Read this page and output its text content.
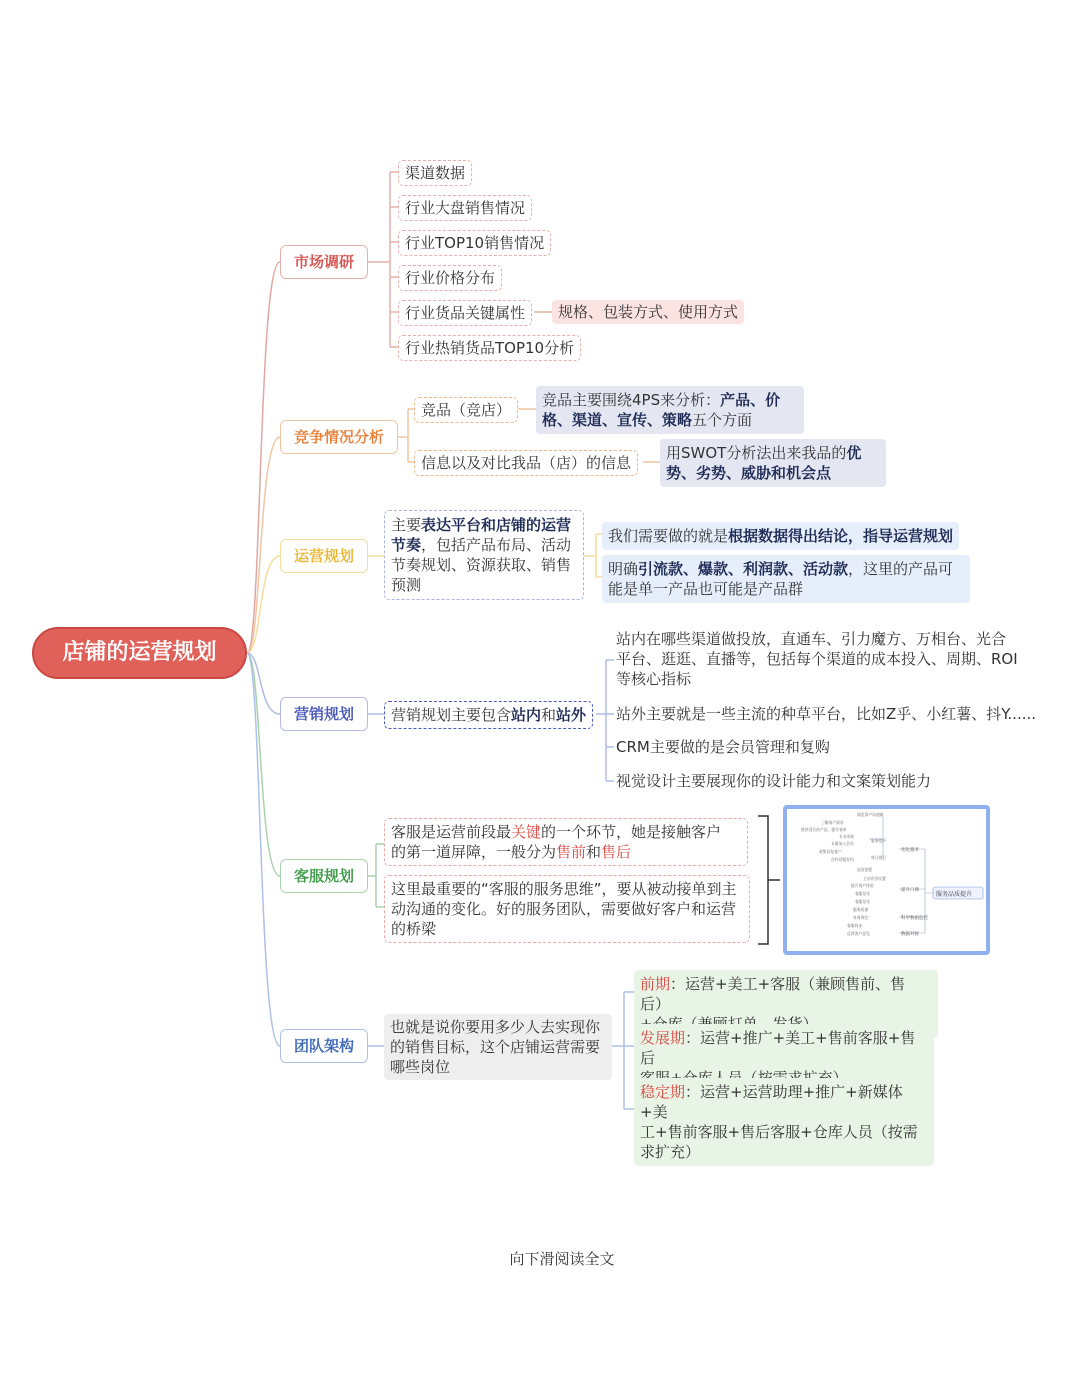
店铺的运营规划
市场调研
竞争情况分析
运营规划
营销规划
客服规划
团队架构
渠道数据
行业大盘销售情况
行业TOP10销售情况
行业价格分布
行业货品关键属性
行业热销货品TOP10分析
规格、包装方式、使用方式
竞品（竞店）
竞品主要围绕4PS来分析：产品、价
格、渠道、宣传、策略五个方面
信息以及对比我品（店）的信息
用SWOT分析法出来我品的优
势、劣势、威胁和机会点
主要表达平台和店铺的运营
节奏，包括产品布局、活动
节奏规划、资源获取、销售
预测
我们需要做的就是根据数据得出结论，指导运营规划
明确引流款、爆款、利润款、活动款，这里的产品可
能是单一产品也可能是产品群
营销规划主要包含站内和站外
站内在哪些渠道做投放，直通车、引力魔方、万相台、光合
平台、逛逛、直播等，包括每个渠道的成本投入、周期、ROI
等核心指标
站外主要就是一些主流的种草平台，比如Z乎、小红薯、抖Y......
CRM主要做的是会员管理和复购
视觉设计主要展现你的设计能力和文案策划能力
客服是运营前段最关键的一个环节，她是接触客户
的第一道屏障，一般分为售前和售后
这里最重要的“客服的服务思维”，要从被动接单到主
动沟通的变化。好的服务团队，需要做好客户和运营
的桥梁
服务品质提升
优化服务
提升口碑
科学数据监控
数据对接
浏览客户沟通量
了解客户需求
推荐适合的产品，提升客单
专业形象
专属加入会员
服务提升
每日排行
收集回复客户
存档话题存档
退货流程
主动评价设置
提升客户体验
客服话术
客服话术
服务质量
每周例会
客服同步
反馈客户意见
也就是说你要用多少人去实现你
的销售目标，这个店铺运营需要
哪些岗位
前期：运营+美工+客服（兼顾售前、售后）

发展期：运营+推广+美工+售前客服+售后

稳定期：运营+运营助理+推广+新媒体+美
工+售前客服+售后客服+仓库人员（按需
求扩充）
向下滑阅读全文
